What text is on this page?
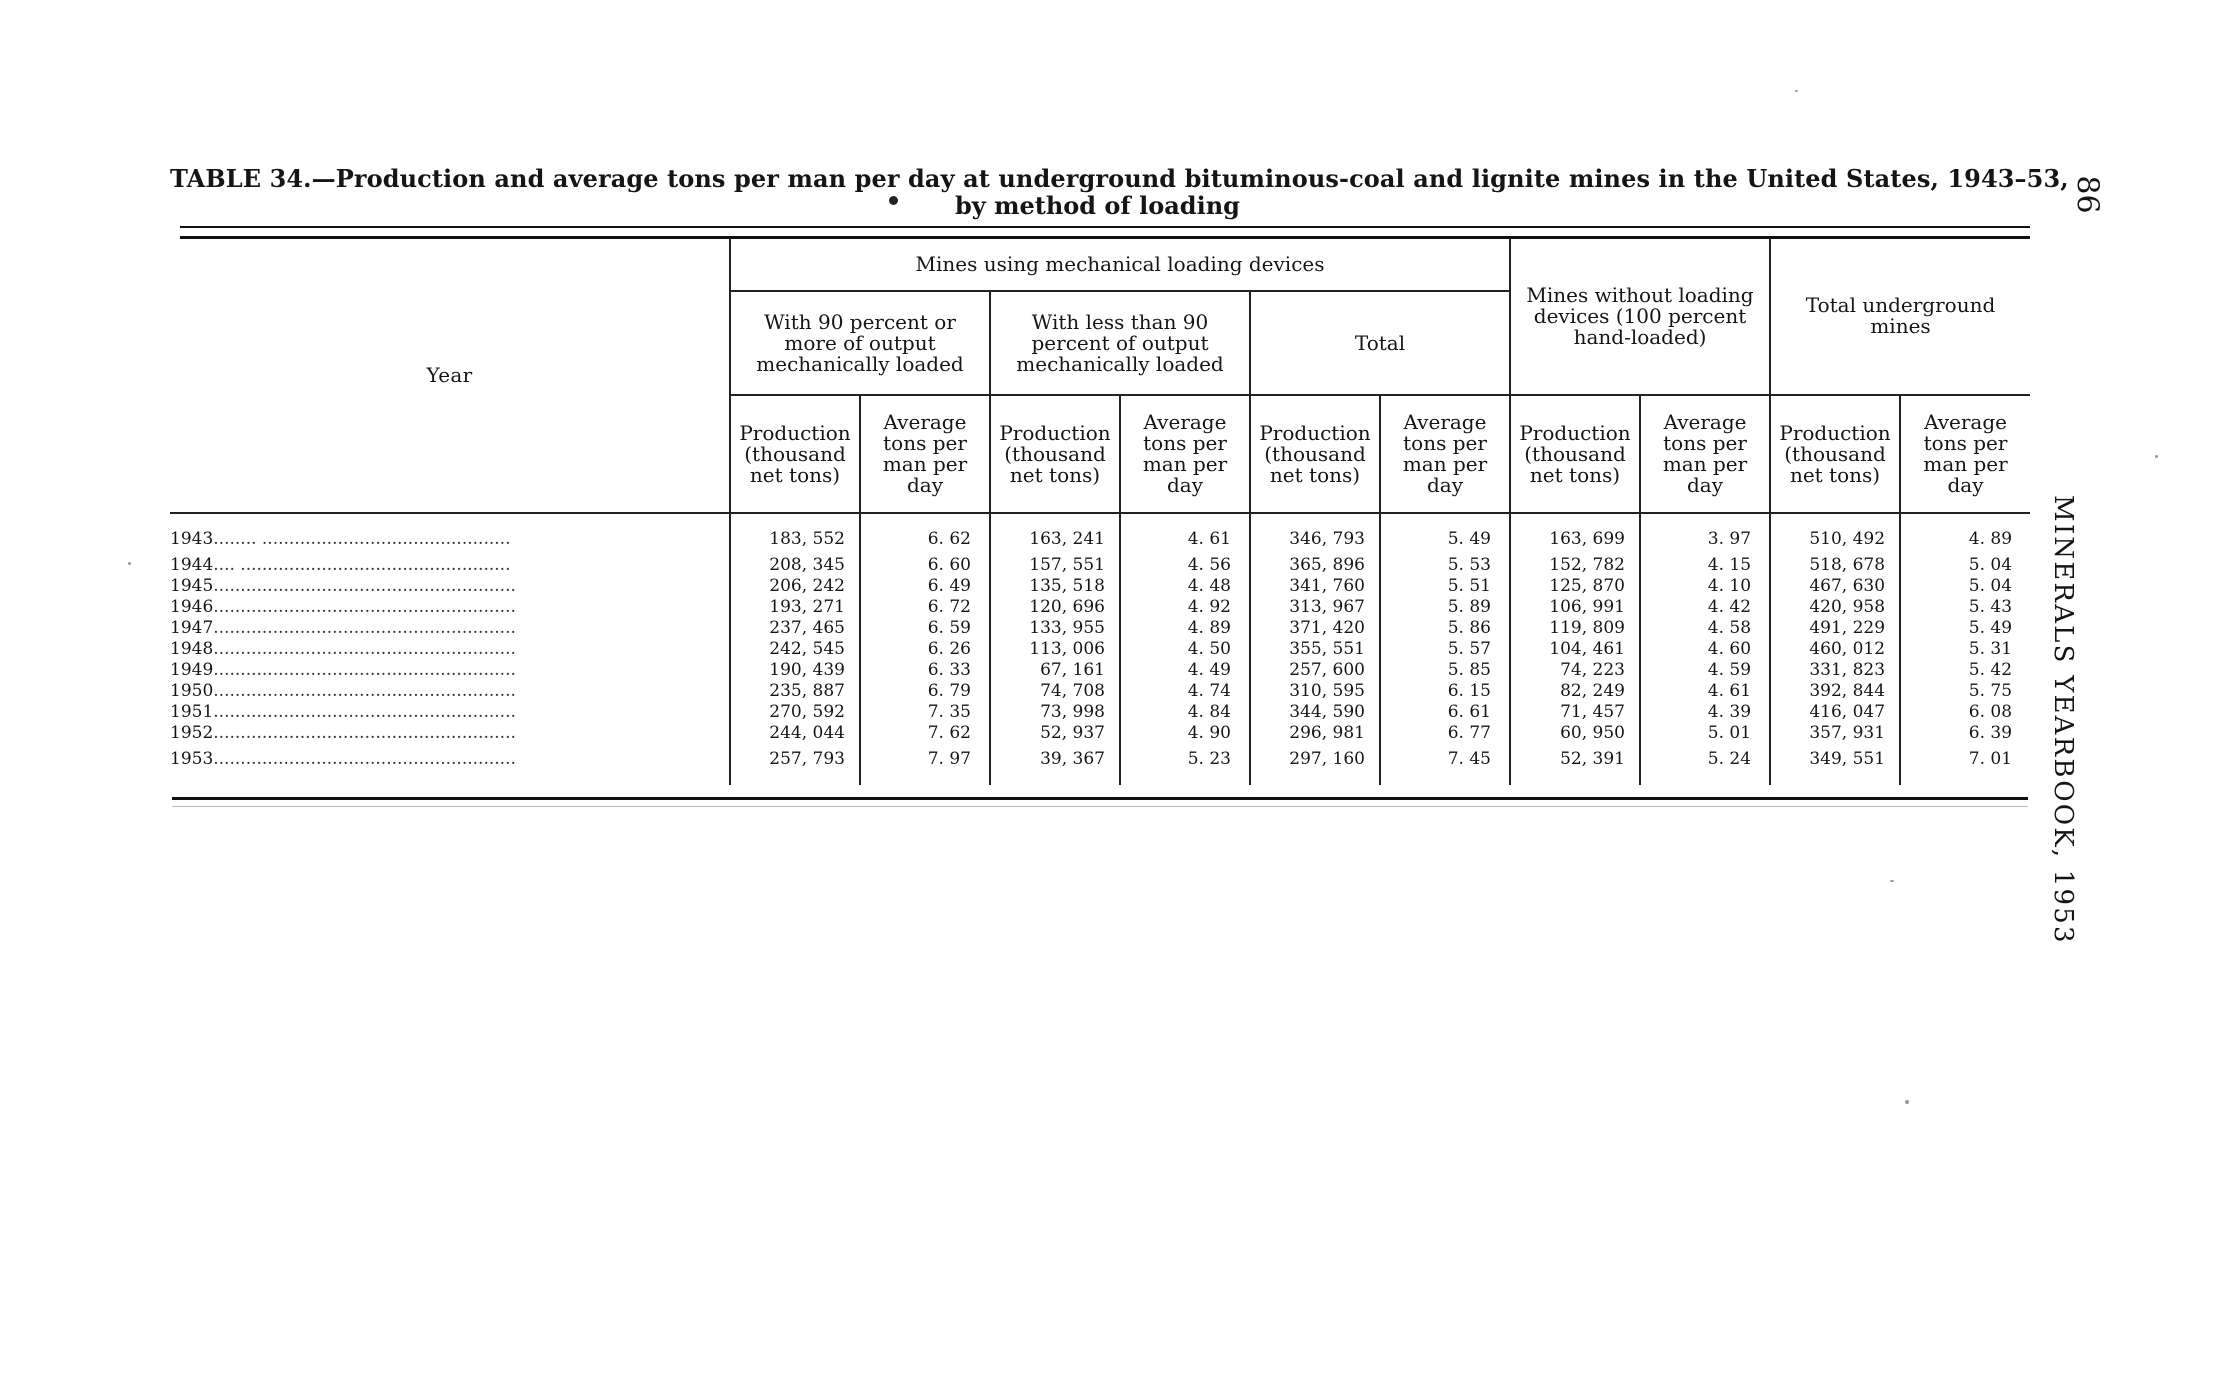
TABLE 34.—Production and average tons per man per day at underground bituminous-coal and lignite mines in the United States, 1943–53,
by method of loading
Year	Mines using mechanical loading devices						Mines without loading devices (100 percent hand-loaded)		Total underground mines	
	With 90 percent or more of output mechanically loaded		With less than 90 percent of output mechanically loaded		Total					
	Production (thousand net tons)	Average tons per man per day	Production (thousand net tons)	Average tons per man per day	Production (thousand net tons)	Average tons per man per day	Production (thousand net tons)	Average tons per man per day	Production (thousand net tons)	Average tons per man per day
1943........ ..............................................	183, 552	6. 62	163, 241	4. 61	346, 793	5. 49	163, 699	3. 97	510, 492	4. 89
1944.... ..................................................	208, 345	6. 60	157, 551	4. 56	365, 896	5. 53	152, 782	4. 15	518, 678	5. 04
1945........................................................	206, 242	6. 49	135, 518	4. 48	341, 760	5. 51	125, 870	4. 10	467, 630	5. 04
1946........................................................	193, 271	6. 72	120, 696	4. 92	313, 967	5. 89	106, 991	4. 42	420, 958	5. 43
1947........................................................	237, 465	6. 59	133, 955	4. 89	371, 420	5. 86	119, 809	4. 58	491, 229	5. 49
1948........................................................	242, 545	6. 26	113, 006	4. 50	355, 551	5. 57	104, 461	4. 60	460, 012	5. 31
1949........................................................	190, 439	6. 33	67, 161	4. 49	257, 600	5. 85	74, 223	4. 59	331, 823	5. 42
1950........................................................	235, 887	6. 79	74, 708	4. 74	310, 595	6. 15	82, 249	4. 61	392, 844	5. 75
1951........................................................	270, 592	7. 35	73, 998	4. 84	344, 590	6. 61	71, 457	4. 39	416, 047	6. 08
1952........................................................	244, 044	7. 62	52, 937	4. 90	296, 981	6. 77	60, 950	5. 01	357, 931	6. 39
1953........................................................	257, 793	7. 97	39, 367	5. 23	297, 160	7. 45	52, 391	5. 24	349, 551	7. 01
86
MINERALS YEARBOOK, 1953
